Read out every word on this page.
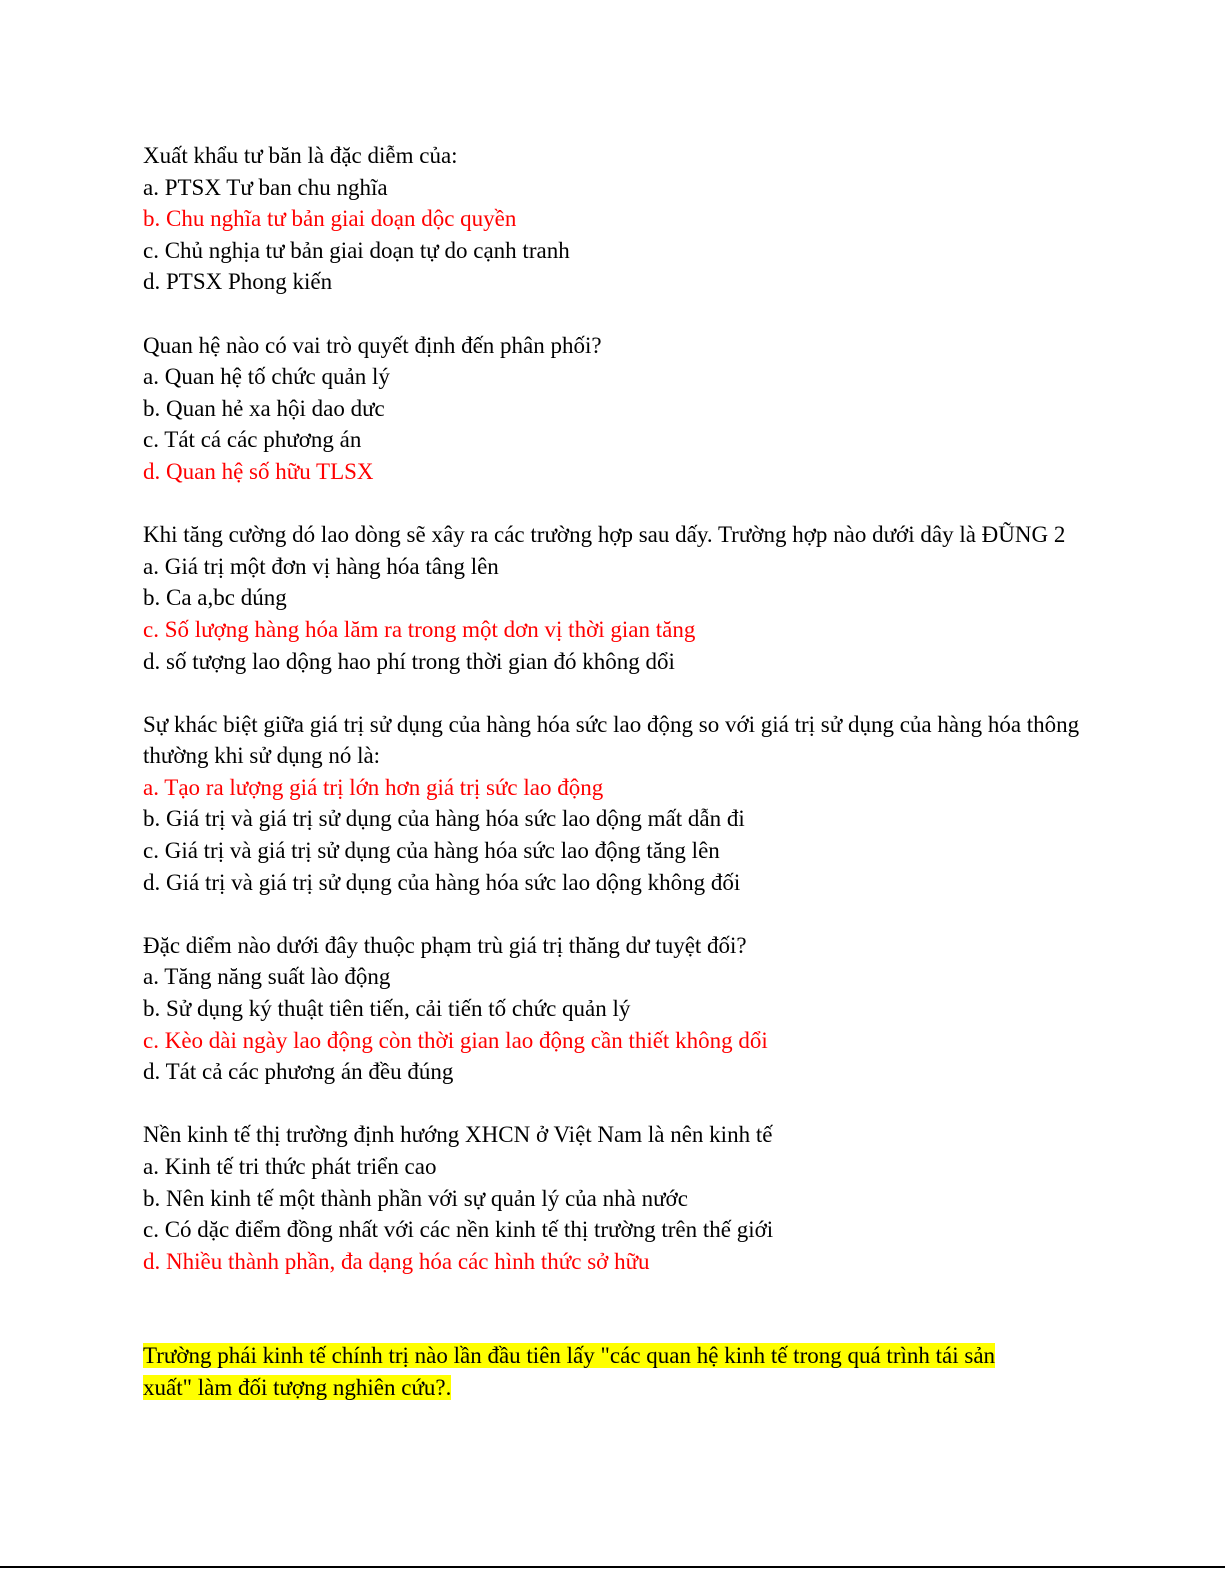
Xuất khẩu tư băn là đặc diễm của:
a. PTSX Tư ban chu nghĩa
b. Chu nghĩa tư bản giai doạn dộc quyền
c. Chủ nghịa tư bản giai doạn tự do cạnh tranh
d. PTSX Phong kiến
Quan hệ nào có vai trò quyết định đến phân phối?
a. Quan hệ tố chức quản lý
b. Quan hẻ xa hội dao dưc
c. Tát cá các phương án
d. Quan hệ số hữu TLSX
Khi tăng cường dó lao dòng sẽ xây ra các trường hợp sau dấy. Trường hợp nào dưới dây là ĐŨNG 2
a. Giá trị một đơn vị hàng hóa tâng lên
b. Ca a,bc dúng
c. Số lượng hàng hóa lăm ra trong một dơn vị thời gian tăng
d. số tượng lao dộng hao phí trong thời gian đó không dổi
Sự khác biệt giữa giá trị sử dụng của hàng hóa sức lao động so với giá trị sử dụng của hàng hóa thông thường khi sử dụng nó là:
a. Tạo ra lượng giá trị lớn hơn giá trị sức lao động
b. Giá trị và giá trị sử dụng của hàng hóa sức lao dộng mất dẫn đi
c. Giá trị và giá trị sử dụng của hàng hóa sức lao động tăng lên
d. Giá trị và giá trị sử dụng của hàng hóa sức lao dộng không đối
Đặc diểm nào dưới đây thuộc phạm trù giá trị thăng dư tuyệt đối?
a. Tăng năng suất lào động
b. Sử dụng ký thuật tiên tiến, cải tiến tố chức quản lý
c. Kèo dài ngày lao động còn thời gian lao động cần thiết không dổi
d. Tát cả các phương án đều đúng
Nền kinh tế thị trường định hướng XHCN ở Việt Nam là nên kinh tế
a. Kinh tế tri thức phát triển cao
b. Nên kinh tế một thành phần với sự quản lý của nhà nước
c. Có dặc điểm đồng nhất với các nền kinh tế thị trường trên thế giới
d. Nhiều thành phần, đa dạng hóa các hình thức sở hữu
Trường phái kinh tế chính trị nào lần đầu tiên lấy "các quan hệ kinh tế trong quá trình tái sản
xuất" làm đối tượng nghiên cứu?.
